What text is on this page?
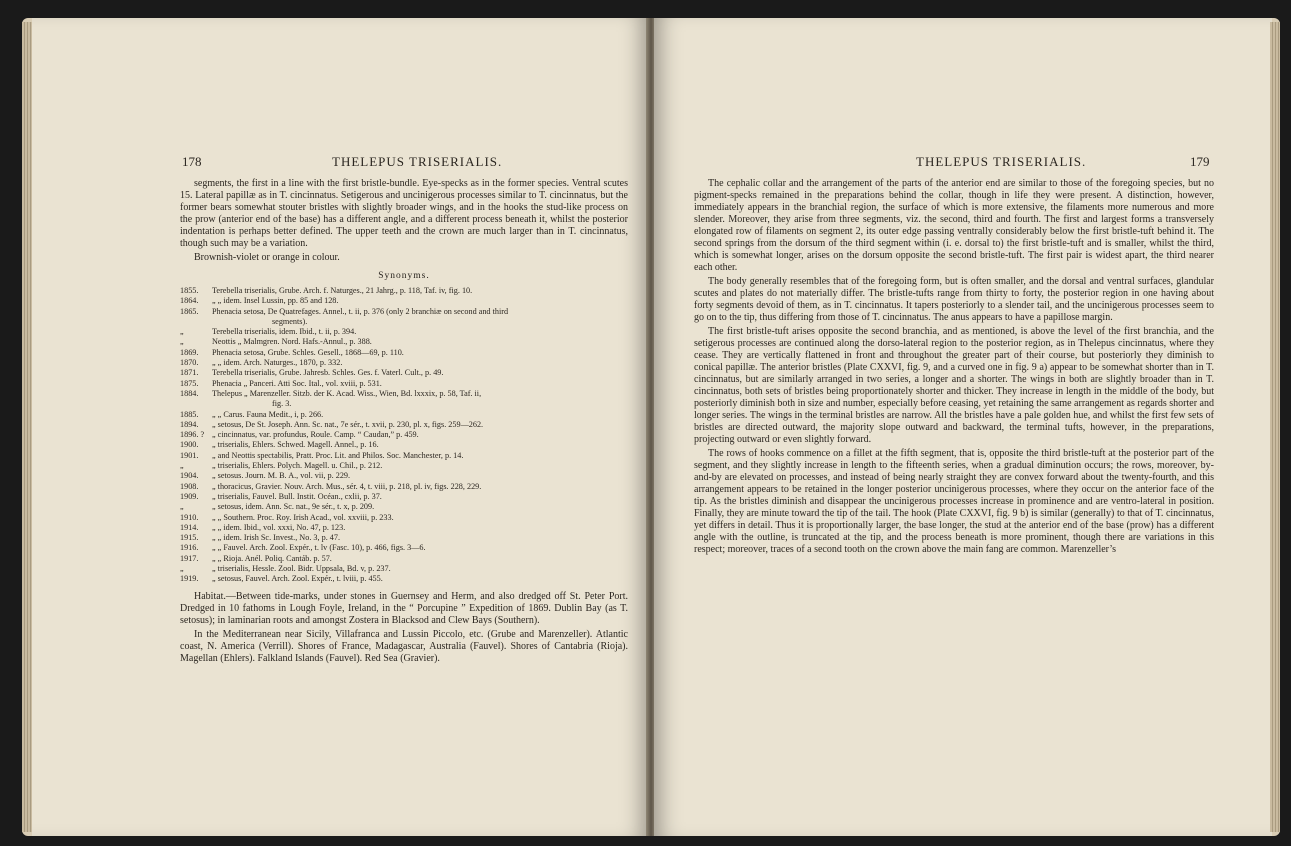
178	THELEPUS TRISERIALIS.

segments, the first in a line with the first bristle-bundle. Eye-specks as in the former species. Ventral scutes 15. Lateral papillæ as in T. cincinnatus. Setigerous and uncinigerous processes similar to T. cincinnatus, but the former bears somewhat stouter bristles with slightly broader wings, and in the hooks the stud-like process on the prow (anterior end of the base) has a different angle, and a different process beneath it, whilst the posterior indentation is perhaps better defined. The upper teeth and the crown are much larger than in T. cincinnatus, though such may be a variation.

Brownish-violet or orange in colour.

Synonyms.
1855.	Terebella triserialis, Grube. Arch. f. Naturges., 21 Jahrg., p. 118, Taf. iv, fig. 10.
1864.	„ „ idem. Insel Lussin, pp. 85 and 128.
1865.	Phenacia setosa, De Quatrefages. Annel., t. ii, p. 376 (only 2 branchiæ on second and third
segments).
„	Terebella triserialis, idem. Ibid., t. ii, p. 394.
„	Neottis „ Malmgren. Nord. Hafs.-Annul., p. 388.
1869.	Phenacia setosa, Grube. Schles. Gesell., 1868—69, p. 110.
1870.	„ „ idem. Arch. Naturges., 1870, p. 332.
1871.	Terebella triserialis, Grube. Jahresb. Schles. Ges. f. Vaterl. Cult., p. 49.
1875.	Phenacia „ Panceri. Atti Soc. Ital., vol. xviii, p. 531.
1884.	Thelepus „ Marenzeller. Sitzb. der K. Acad. Wiss., Wien, Bd. lxxxix, p. 58, Taf. ii,
fig. 3.
1885.	„ „ Carus. Fauna Medit., i, p. 266.
1894.	„ setosus, De St. Joseph. Ann. Sc. nat., 7e sér., t. xvii, p. 230, pl. x, figs. 259—262.
1896. ? „ cincinnatus, var. profundus, Roule. Camp. “ Caudan,” p. 459.
1900.	„ triserialis, Ehlers. Schwed. Magell. Annel., p. 16.
1901.	„ and Neottis spectabilis, Pratt. Proc. Lit. and Philos. Soc. Manchester, p. 14.
„	„ triserialis, Ehlers. Polych. Magell. u. Chil., p. 212.
1904.	„ setosus. Journ. M. B. A., vol. vii, p. 229.
1908.	„ thoracicus, Gravier. Nouv. Arch. Mus., sér. 4, t. viii, p. 218, pl. iv, figs. 228, 229.
1909.	„ triserialis, Fauvel. Bull. Instit. Océan., cxlii, p. 37.
„	„ setosus, idem. Ann. Sc. nat., 9e sér., t. x, p. 209.
1910.	„ „ Southern. Proc. Roy. Irish Acad., vol. xxviii, p. 233.
1914.	„ „ idem. Ibid., vol. xxxi, No. 47, p. 123.
1915.	„ „ idem. Irish Sc. Invest., No. 3, p. 47.
1916.	„ „ Fauvel. Arch. Zool. Expér., t. lv (Fasc. 10), p. 466, figs. 3—6.
1917.	„ „ Rioja. Anél. Poliq. Cantáb. p. 57.
„	„ triserialis, Hessle. Zool. Bidr. Uppsala, Bd. v, p. 237.
1919.	„ setosus, Fauvel. Arch. Zool. Expér., t. lviii, p. 455.

Habitat.—Between tide-marks, under stones in Guernsey and Herm, and also dredged off St. Peter Port. Dredged in 10 fathoms in Lough Foyle, Ireland, in the “ Porcupine ” Expedition of 1869. Dublin Bay (as T. setosus); in laminarian roots and amongst Zostera in Blacksod and Clew Bays (Southern).

In the Mediterranean near Sicily, Villafranca and Lussin Piccolo, etc. (Grube and Marenzeller). Atlantic coast, N. America (Verrill). Shores of France, Madagascar, Australia (Fauvel). Shores of Cantabria (Rioja). Magellan (Ehlers). Falkland Islands (Fauvel). Red Sea (Gravier).

THELEPUS TRISERIALIS.	179

The cephalic collar and the arrangement of the parts of the anterior end are similar to those of the foregoing species, but no pigment-specks remained in the preparations behind the collar, though in life they were present. A distinction, however, immediately appears in the branchial region, the surface of which is more extensive, the filaments more numerous and more slender. Moreover, they arise from three segments, viz. the second, third and fourth. The first and largest forms a transversely elongated row of filaments on segment 2, its outer edge passing ventrally considerably below the first bristle-tuft behind it. The second springs from the dorsum of the third segment within (i. e. dorsal to) the first bristle-tuft and is smaller, whilst the third, which is somewhat longer, arises on the dorsum opposite the second bristle-tuft. The first pair is widest apart, the third nearer each other.

The body generally resembles that of the foregoing form, but is often smaller, and the dorsal and ventral surfaces, glandular scutes and plates do not materially differ. The bristle-tufts range from thirty to forty, the posterior region in one having about forty segments devoid of them, as in T. cincinnatus. It tapers posteriorly to a slender tail, and the uncinigerous processes seem to go on to the tip, thus differing from those of T. cincinnatus. The anus appears to have a papillose margin.

The first bristle-tuft arises opposite the second branchia, and as mentioned, is above the level of the first branchia, and the setigerous processes are continued along the dorso-lateral region to the posterior region, as in Thelepus cincinnatus, where they cease. They are vertically flattened in front and throughout the greater part of their course, but posteriorly they diminish to conical papillæ. The anterior bristles (Plate CXXVI, fig. 9, and a curved one in fig. 9 a) appear to be somewhat shorter than in T. cincinnatus, but are similarly arranged in two series, a longer and a shorter. The wings in both are slightly broader than in T. cincinnatus, both sets of bristles being proportionately shorter and thicker. They increase in length in the middle of the body, but posteriorly diminish both in size and number, especially before ceasing, yet retaining the same arrangement as regards shorter and longer series. The wings in the terminal bristles are narrow. All the bristles have a pale golden hue, and whilst the first few sets of bristles are directed outward, the majority slope outward and backward, the terminal tufts, however, in the preparations, projecting outward or even slightly forward.

The rows of hooks commence on a fillet at the fifth segment, that is, opposite the third bristle-tuft at the posterior part of the segment, and they slightly increase in length to the fifteenth series, when a gradual diminution occurs; the rows, moreover, by-and-by are elevated on processes, and instead of being nearly straight they are convex forward about the twenty-fourth, and this arrangement appears to be retained in the longer posterior uncinigerous processes, where they occur on the anterior face of the tip. As the bristles diminish and disappear the uncinigerous processes increase in prominence and are ventro-lateral in position. Finally, they are minute toward the tip of the tail. The hook (Plate CXXVI, fig. 9 b) is similar (generally) to that of T. cincinnatus, yet differs in detail. Thus it is proportionally larger, the base longer, the stud at the anterior end of the base (prow) has a different angle with the outline, is truncated at the tip, and the process beneath is more prominent, though there are variations in this respect; moreover, traces of a second tooth on the crown above the main fang are common. Marenzeller’s
